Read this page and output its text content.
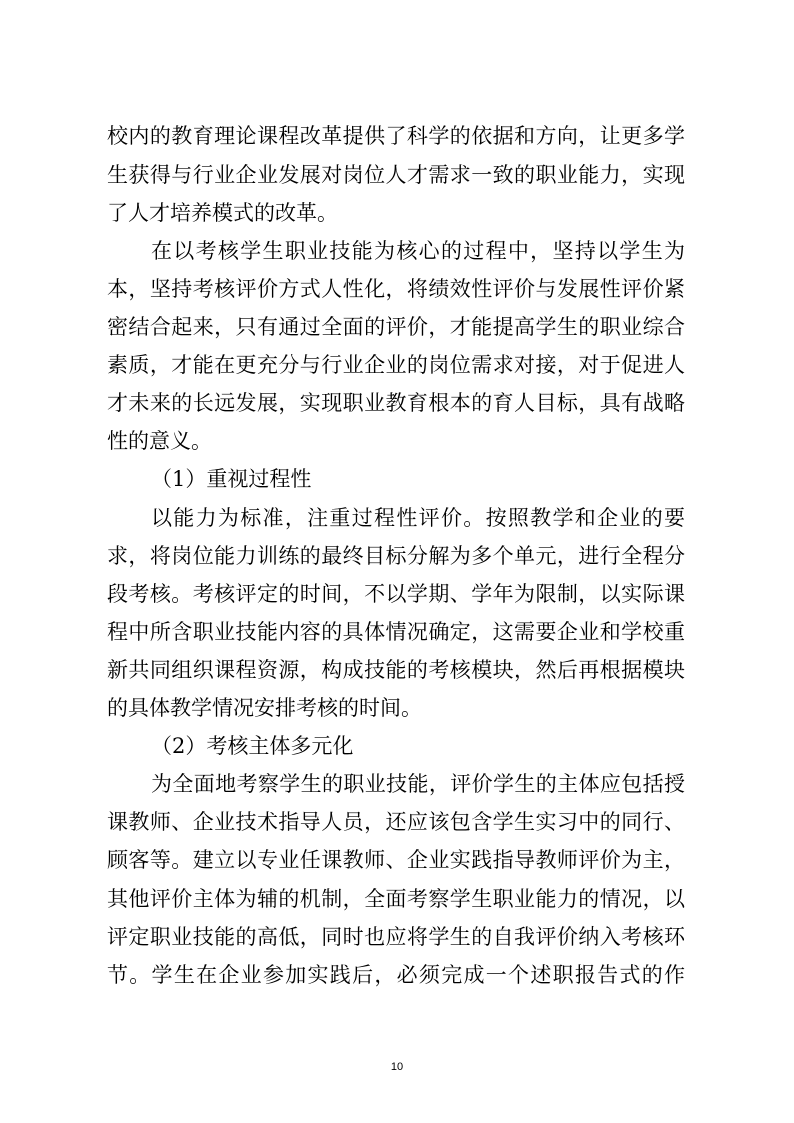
校内的教育理论课程改革提供了科学的依据和方向，让更多学
生获得与行业企业发展对岗位人才需求一致的职业能力，实现
了人才培养模式的改革。
在以考核学生职业技能为核心的过程中，坚持以学生为
本，坚持考核评价方式人性化，将绩效性评价与发展性评价紧
密结合起来，只有通过全面的评价，才能提高学生的职业综合
素质，才能在更充分与行业企业的岗位需求对接，对于促进人
才未来的长远发展，实现职业教育根本的育人目标，具有战略
性的意义。
（1）重视过程性
以能力为标准，注重过程性评价。按照教学和企业的要
求，将岗位能力训练的最终目标分解为多个单元，进行全程分
段考核。考核评定的时间，不以学期、学年为限制，以实际课
程中所含职业技能内容的具体情况确定，这需要企业和学校重
新共同组织课程资源，构成技能的考核模块，然后再根据模块
的具体教学情况安排考核的时间。
（2）考核主体多元化
为全面地考察学生的职业技能，评价学生的主体应包括授
课教师、企业技术指导人员，还应该包含学生实习中的同行、
顾客等。建立以专业任课教师、企业实践指导教师评价为主，
其他评价主体为辅的机制，全面考察学生职业能力的情况，以
评定职业技能的高低，同时也应将学生的自我评价纳入考核环
节。学生在企业参加实践后，必须完成一个述职报告式的作
10
